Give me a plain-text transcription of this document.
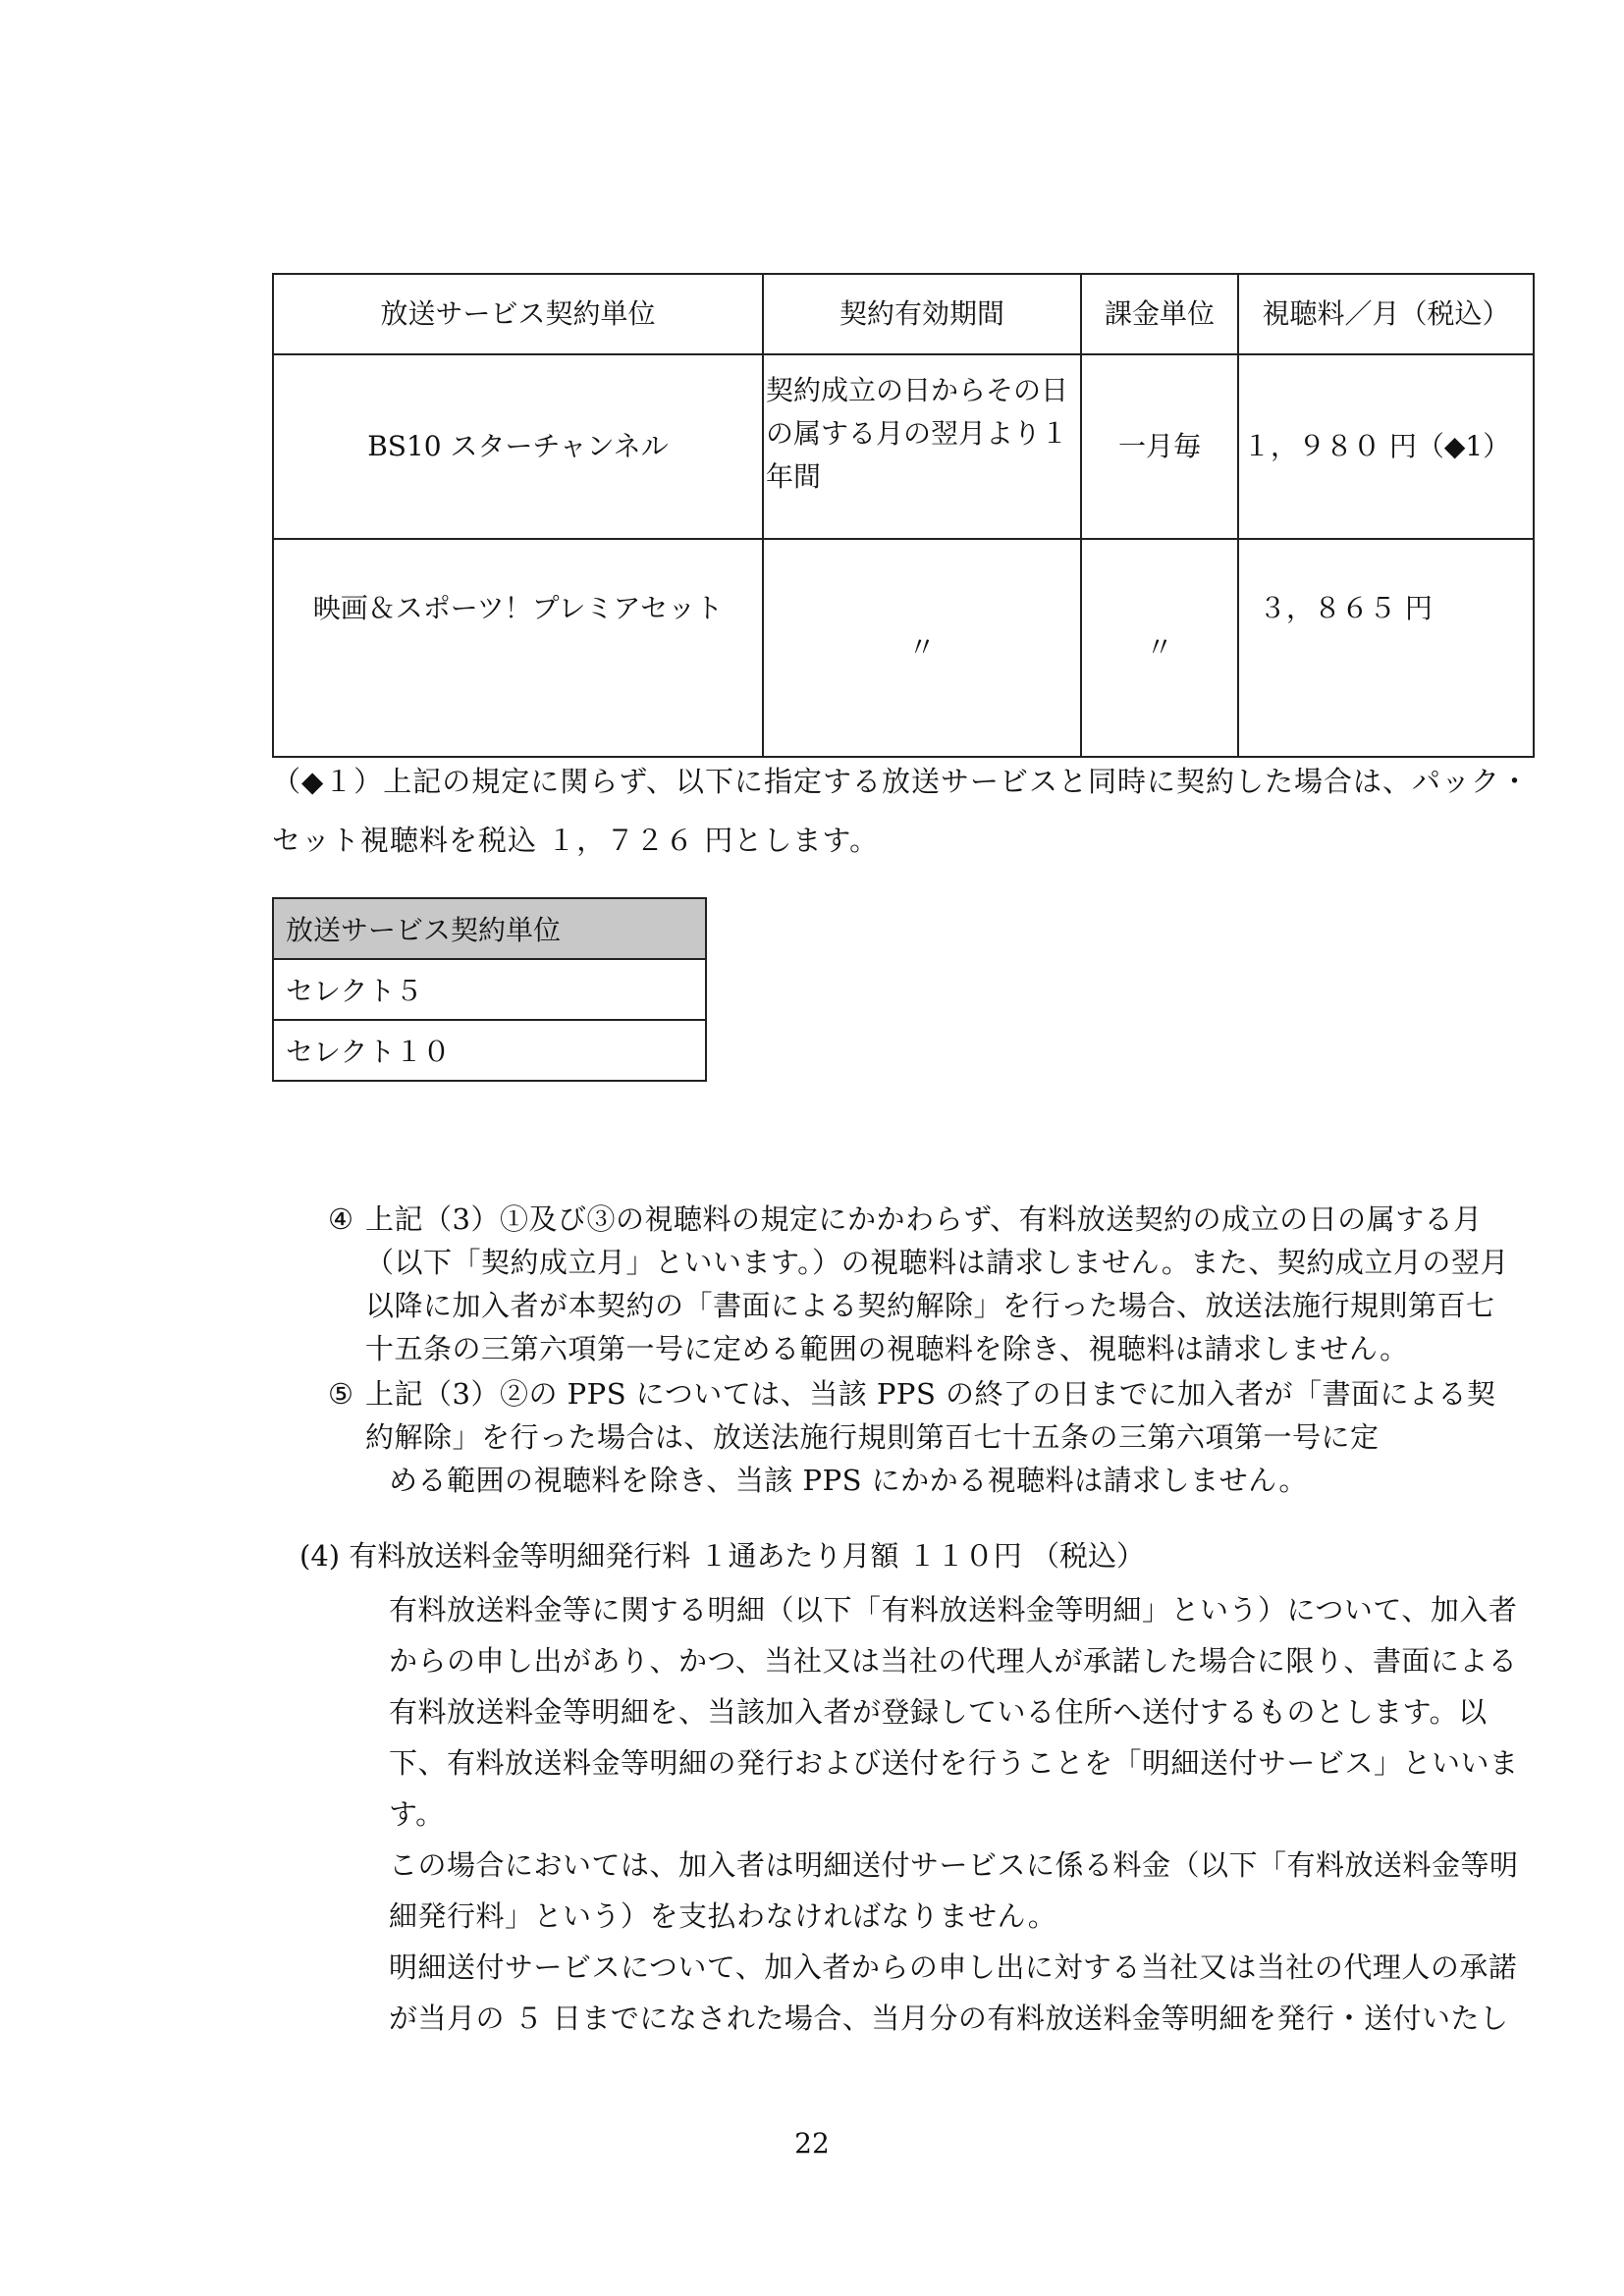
放送サービス契約単位	契約有効期間	課金単位	視聴料／月（税込）
BS10 スターチャンネル	契約成立の日からその日の属する月の翌月より１年間	一月毎	１，９８０ 円（◆1）
映画＆スポーツ！プレミアセット	〃	〃	３，８６５ 円
（◆１）上記の規定に関らず、以下に指定する放送サービスと同時に契約した場合は、パック・セット視聴料を税込 １，７２６ 円とします。
放送サービス契約単位
セレクト５
セレクト１０
④ 上記（3）①及び③の視聴料の規定にかかわらず、有料放送契約の成立の日の属する月（以下「契約成立月」といいます。）の視聴料は請求しません。また、契約成立月の翌月以降に加入者が本契約の「書面による契約解除」を行った場合、放送法施行規則第百七十五条の三第六項第一号に定める範囲の視聴料を除き、視聴料は請求しません。
⑤ 上記（3）②の PPS については、当該 PPS の終了の日までに加入者が「書面による契約解除」を行った場合は、放送法施行規則第百七十五条の三第六項第一号に定
める範囲の視聴料を除き、当該 PPS にかかる視聴料は請求しません。
(4) 有料放送料金等明細発行料 １通あたり月額 １１０円 （税込）

有料放送料金等に関する明細（以下「有料放送料金等明細」という）について、加入者からの申し出があり、かつ、当社又は当社の代理人が承諾した場合に限り、書面による有料放送料金等明細を、当該加入者が登録している住所へ送付するものとします。以下、有料放送料金等明細の発行および送付を行うことを「明細送付サービス」といいます。

この場合においては、加入者は明細送付サービスに係る料金（以下「有料放送料金等明細発行料」という）を支払わなければなりません。

明細送付サービスについて、加入者からの申し出に対する当社又は当社の代理人の承諾が当月の ５ 日までになされた場合、当月分の有料放送料金等明細を発行・送付いたし

22
